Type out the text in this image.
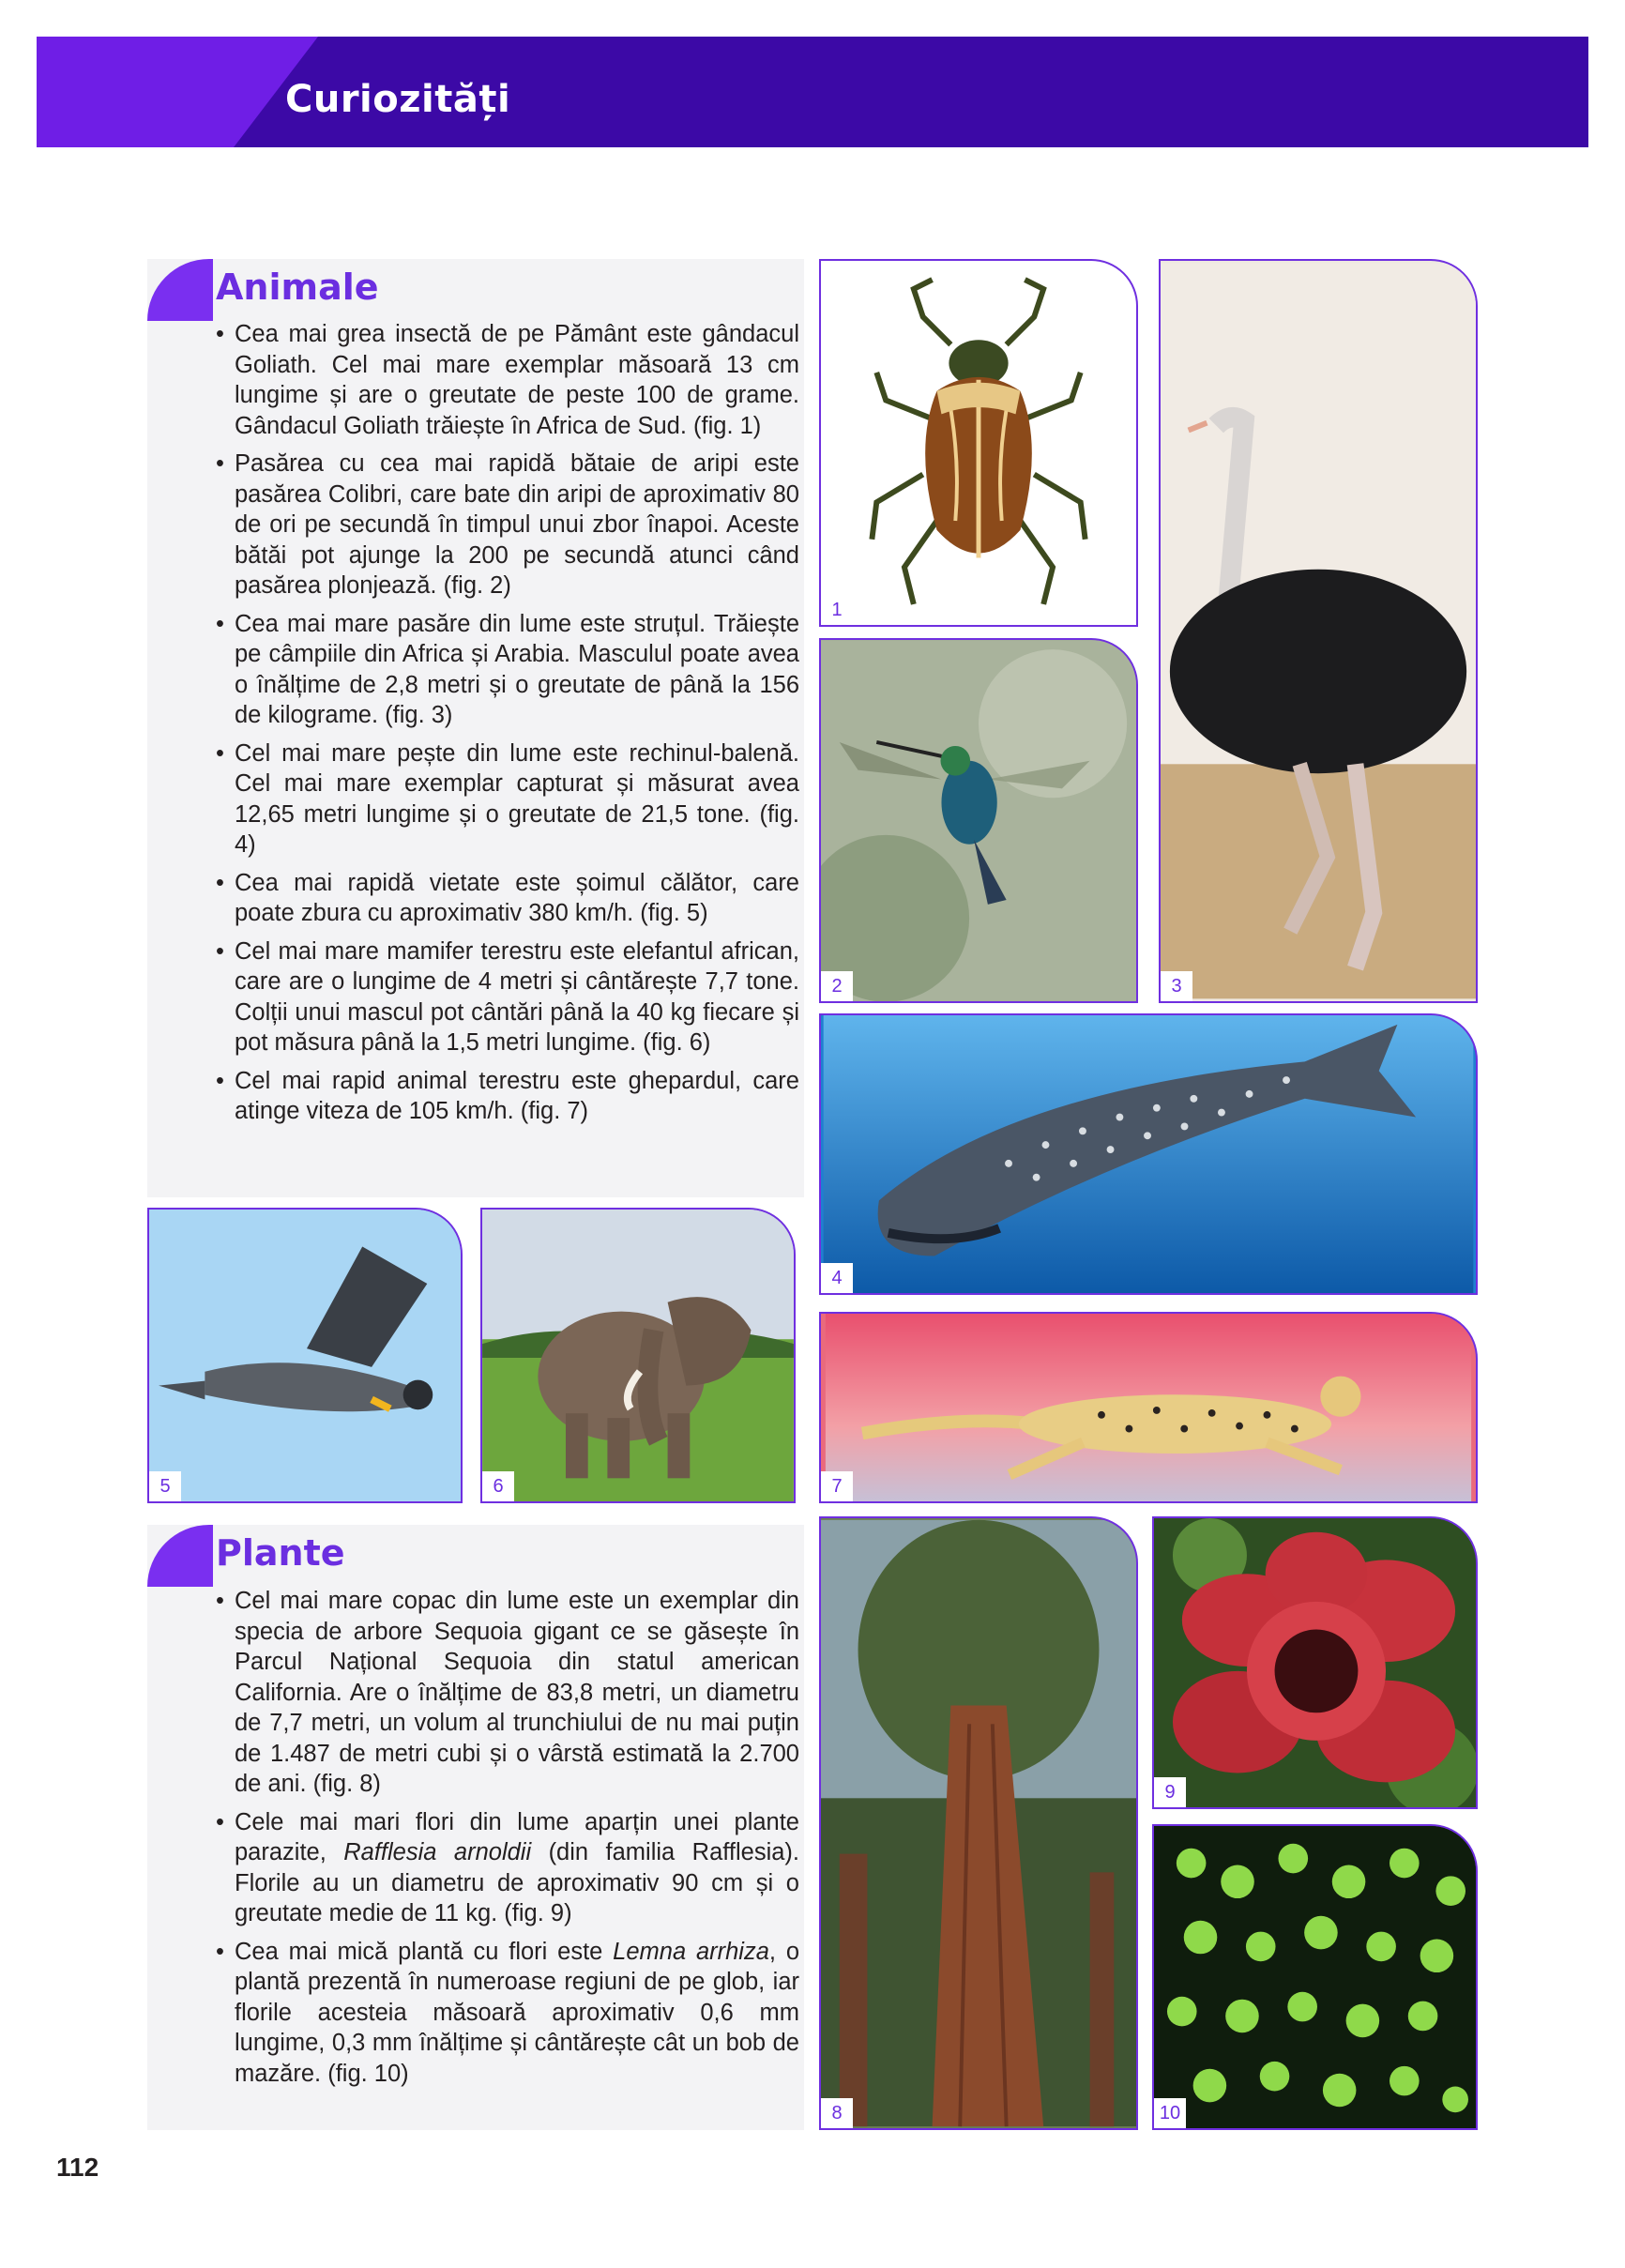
Curiozități
Animale
• Cea mai grea insectă de pe Pământ este gândacul Goliath. Cel mai mare exemplar măsoară 13 cm lungime și are o greutate de peste 100 de grame. Gândacul Goliath trăiește în Africa de Sud. (fig. 1)
• Pasărea cu cea mai rapidă bătaie de aripi este pasărea Colibri, care bate din aripi de aproximativ 80 de ori pe secundă în timpul unui zbor înapoi. Aceste bătăi pot ajunge la 200 pe secundă atunci când pasărea plonjează. (fig. 2)
• Cea mai mare pasăre din lume este struțul. Trăiește pe câmpiile din Africa și Arabia. Masculul poate avea o înălțime de 2,8 metri și o greutate de până la 156 de kilograme. (fig. 3)
• Cel mai mare pește din lume este rechinul-balenă. Cel mai mare exemplar capturat și măsurat avea 12,65 metri lungime și o greutate de 21,5 tone. (fig. 4)
• Cea mai rapidă vietate este șoimul călător, care poate zbura cu aproximativ 380 km/h. (fig. 5)
• Cel mai mare mamifer terestru este elefantul african, care are o lungime de 4 metri și cântărește 7,7 tone. Colții unui mascul pot cântări până la 40 kg fiecare și pot măsura până la 1,5 metri lungime. (fig. 6)
• Cel mai rapid animal terestru este ghepardul, care atinge viteza de 105 km/h. (fig. 7)
Plante
• Cel mai mare copac din lume este un exemplar din specia de arbore Sequoia gigant ce se găsește în Parcul Național Sequoia din statul american California. Are o înălțime de 83,8 metri, un diametru de 7,7 metri, un volum al trunchiului de nu mai puțin de 1.487 de metri cubi și o vârstă estimată la 2.700 de ani. (fig. 8)
• Cele mai mari flori din lume aparțin unei plante parazite, Rafflesia arnoldii (din familia Rafflesia). Florile au un diametru de aproximativ 90 cm și o greutate medie de 11 kg. (fig. 9)
• Cea mai mică plantă cu flori este Lemna arrhiza, o plantă prezentă în numeroase regiuni de pe glob, iar florile acesteia măsoară aproximativ 0,6 mm lungime, 0,3 mm înălțime și cântărește cât un bob de mazăre. (fig. 10)
1
2	3
4
5	6	7
8
9
10
112
